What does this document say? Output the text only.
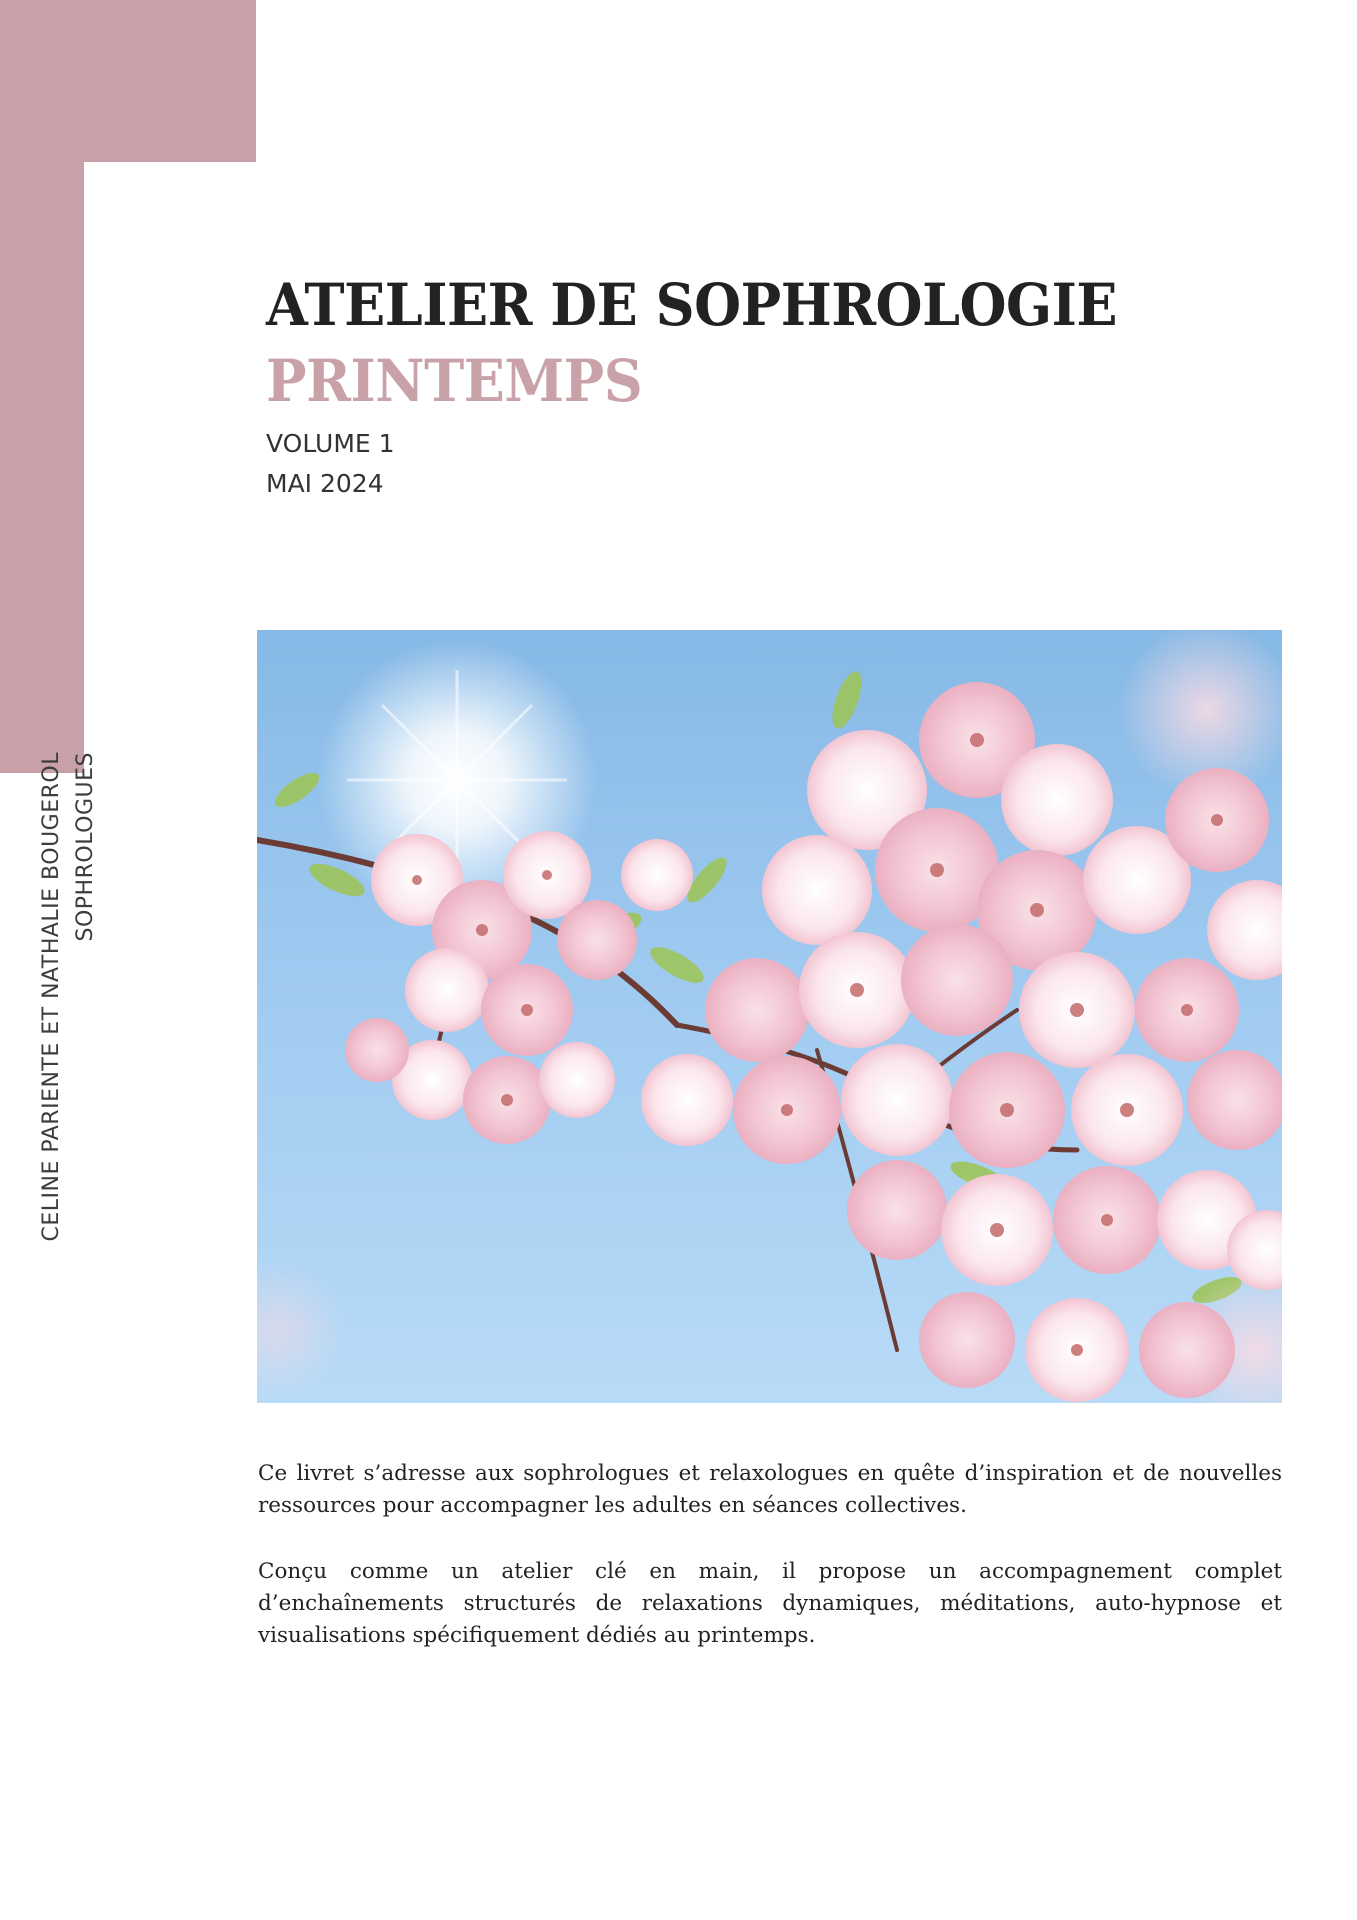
CELINE PARIENTE ET NATHALIE BOUGEROL SOPHROLOGUES
ATELIER DE SOPHROLOGIE
PRINTEMPS
VOLUME 1
MAI 2024

Ce livret s’adresse aux sophrologues et relaxologues en quête d’inspiration et de nouvelles ressources pour accompagner les adultes en séances collectives.

Conçu comme un atelier clé en main, il propose un accompagnement complet d’enchaînements structurés de relaxations dynamiques, méditations, auto-hypnose et visualisations spécifiquement dédiés au printemps.
